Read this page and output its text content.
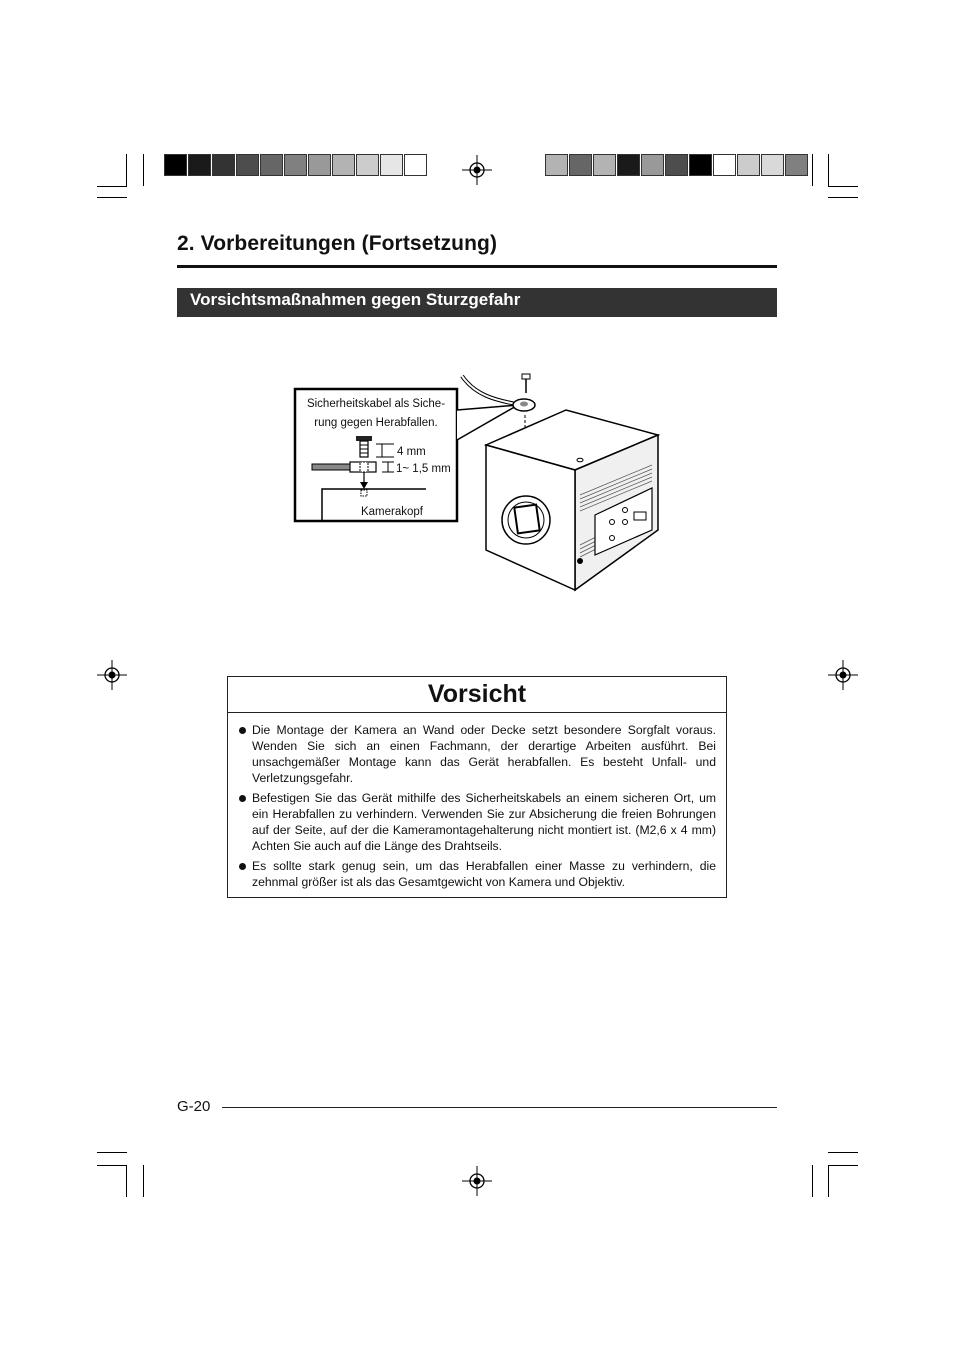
2. Vorbereitungen (Fortsetzung)
Vorsichtsmaßnahmen gegen Sturzgefahr
Sicherheitskabel als Siche-
rung gegen Herabfallen.
4 mm
1~ 1,5 mm
Kamerakopf
Vorsicht
Die Montage der Kamera an Wand oder Decke setzt besondere Sorgfalt voraus. Wenden Sie sich an einen Fachmann, der derartige Arbeiten ausführt. Bei unsachgemäßer Montage kann das Gerät herabfallen. Es besteht Unfall- und Verletzungsgefahr.
Befestigen Sie das Gerät mithilfe des Sicherheitskabels an einem sicheren Ort, um ein Herabfallen zu verhindern. Verwenden Sie zur Absicherung die freien Bohrungen auf der Seite, auf der die Kameramontagehalterung nicht montiert ist. (M2,6 x 4 mm) Achten Sie auch auf die Länge des Drahtseils.
Es sollte stark genug sein, um das Herabfallen einer Masse zu verhindern, die zehnmal größer ist als das Gesamtgewicht von Kamera und Objektiv.
G-20
